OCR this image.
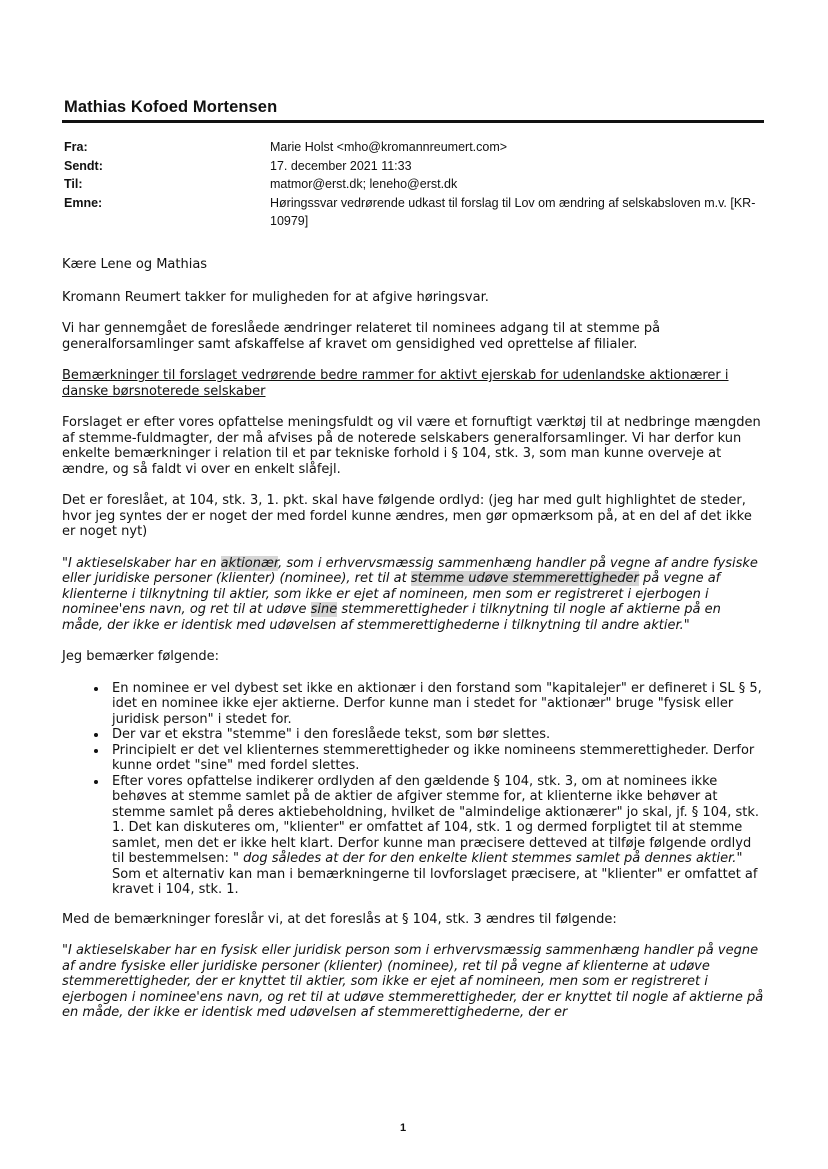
Mathias Kofoed Mortensen
Fra:	Marie Holst <mho@kromannreumert.com>
Sendt:	17. december 2021 11:33
Til:	matmor@erst.dk; leneho@erst.dk
Emne:	Høringssvar vedrørende udkast til forslag til Lov om ændring af selskabsloven m.v. [KR-10979]

Kære Lene og Mathias

Kromann Reumert takker for muligheden for at afgive høringsvar.

Vi har gennemgået de foreslåede ændringer relateret til nominees adgang til at stemme på generalforsamlinger samt afskaffelse af kravet om gensidighed ved oprettelse af filialer.

Bemærkninger til forslaget vedrørende bedre rammer for aktivt ejerskab for udenlandske aktionærer i danske børsnoterede selskaber

Forslaget er efter vores opfattelse meningsfuldt og vil være et fornuftigt værktøj til at nedbringe mængden af stemme-fuldmagter, der må afvises på de noterede selskabers generalforsamlinger. Vi har derfor kun enkelte bemærkninger i relation til et par tekniske forhold i § 104, stk. 3, som man kunne overveje at ændre, og så faldt vi over en enkelt slåfejl.

Det er foreslået, at 104, stk. 3, 1. pkt. skal have følgende ordlyd: (jeg har med gult highlightet de steder, hvor jeg syntes der er noget der med fordel kunne ændres, men gør opmærksom på, at en del af det ikke er noget nyt)

"I aktieselskaber har en aktionær, som i erhvervsmæssig sammenhæng handler på vegne af andre fysiske eller juridiske personer (klienter) (nominee), ret til at stemme udøve stemmerettigheder på vegne af klienterne i tilknytning til aktier, som ikke er ejet af nomineen, men som er registreret i ejerbogen i nominee'ens navn, og ret til at udøve sine stemmerettigheder i tilknytning til nogle af aktierne på en måde, der ikke er identisk med udøvelsen af stemmerettighederne i tilknytning til andre aktier."

Jeg bemærker følgende:

• En nominee er vel dybest set ikke en aktionær i den forstand som "kapitalejer" er defineret i SL § 5, idet en nominee ikke ejer aktierne. Derfor kunne man i stedet for "aktionær" bruge "fysisk eller juridisk person" i stedet for.
• Der var et ekstra "stemme" i den foreslåede tekst, som bør slettes.
• Principielt er det vel klienternes stemmerettigheder og ikke nomineens stemmerettigheder. Derfor kunne ordet "sine" med fordel slettes.
• Efter vores opfattelse indikerer ordlyden af den gældende § 104, stk. 3, om at nominees ikke behøves at stemme samlet på de aktier de afgiver stemme for, at klienterne ikke behøver at stemme samlet på deres aktiebeholdning, hvilket de "almindelige aktionærer" jo skal, jf. § 104, stk. 1. Det kan diskuteres om, "klienter" er omfattet af 104, stk. 1 og dermed forpligtet til at stemme samlet, men det er ikke helt klart. Derfor kunne man præcisere detteved at tilføje følgende ordlyd til bestemmelsen: " dog således at der for den enkelte klient stemmes samlet på dennes aktier." Som et alternativ kan man i bemærkningerne til lovforslaget præcisere, at "klienter" er omfattet af kravet i 104, stk. 1.

Med de bemærkninger foreslår vi, at det foreslås at § 104, stk. 3 ændres til følgende:

"I aktieselskaber har en fysisk eller juridisk person som i erhvervsmæssig sammenhæng handler på vegne af andre fysiske eller juridiske personer (klienter) (nominee), ret til på vegne af klienterne at udøve stemmerettigheder, der er knyttet til aktier, som ikke er ejet af nomineen, men som er registreret i ejerbogen i nominee'ens navn, og ret til at udøve stemmerettigheder, der er knyttet til nogle af aktierne på en måde, der ikke er identisk med udøvelsen af stemmerettighederne, der er

1
